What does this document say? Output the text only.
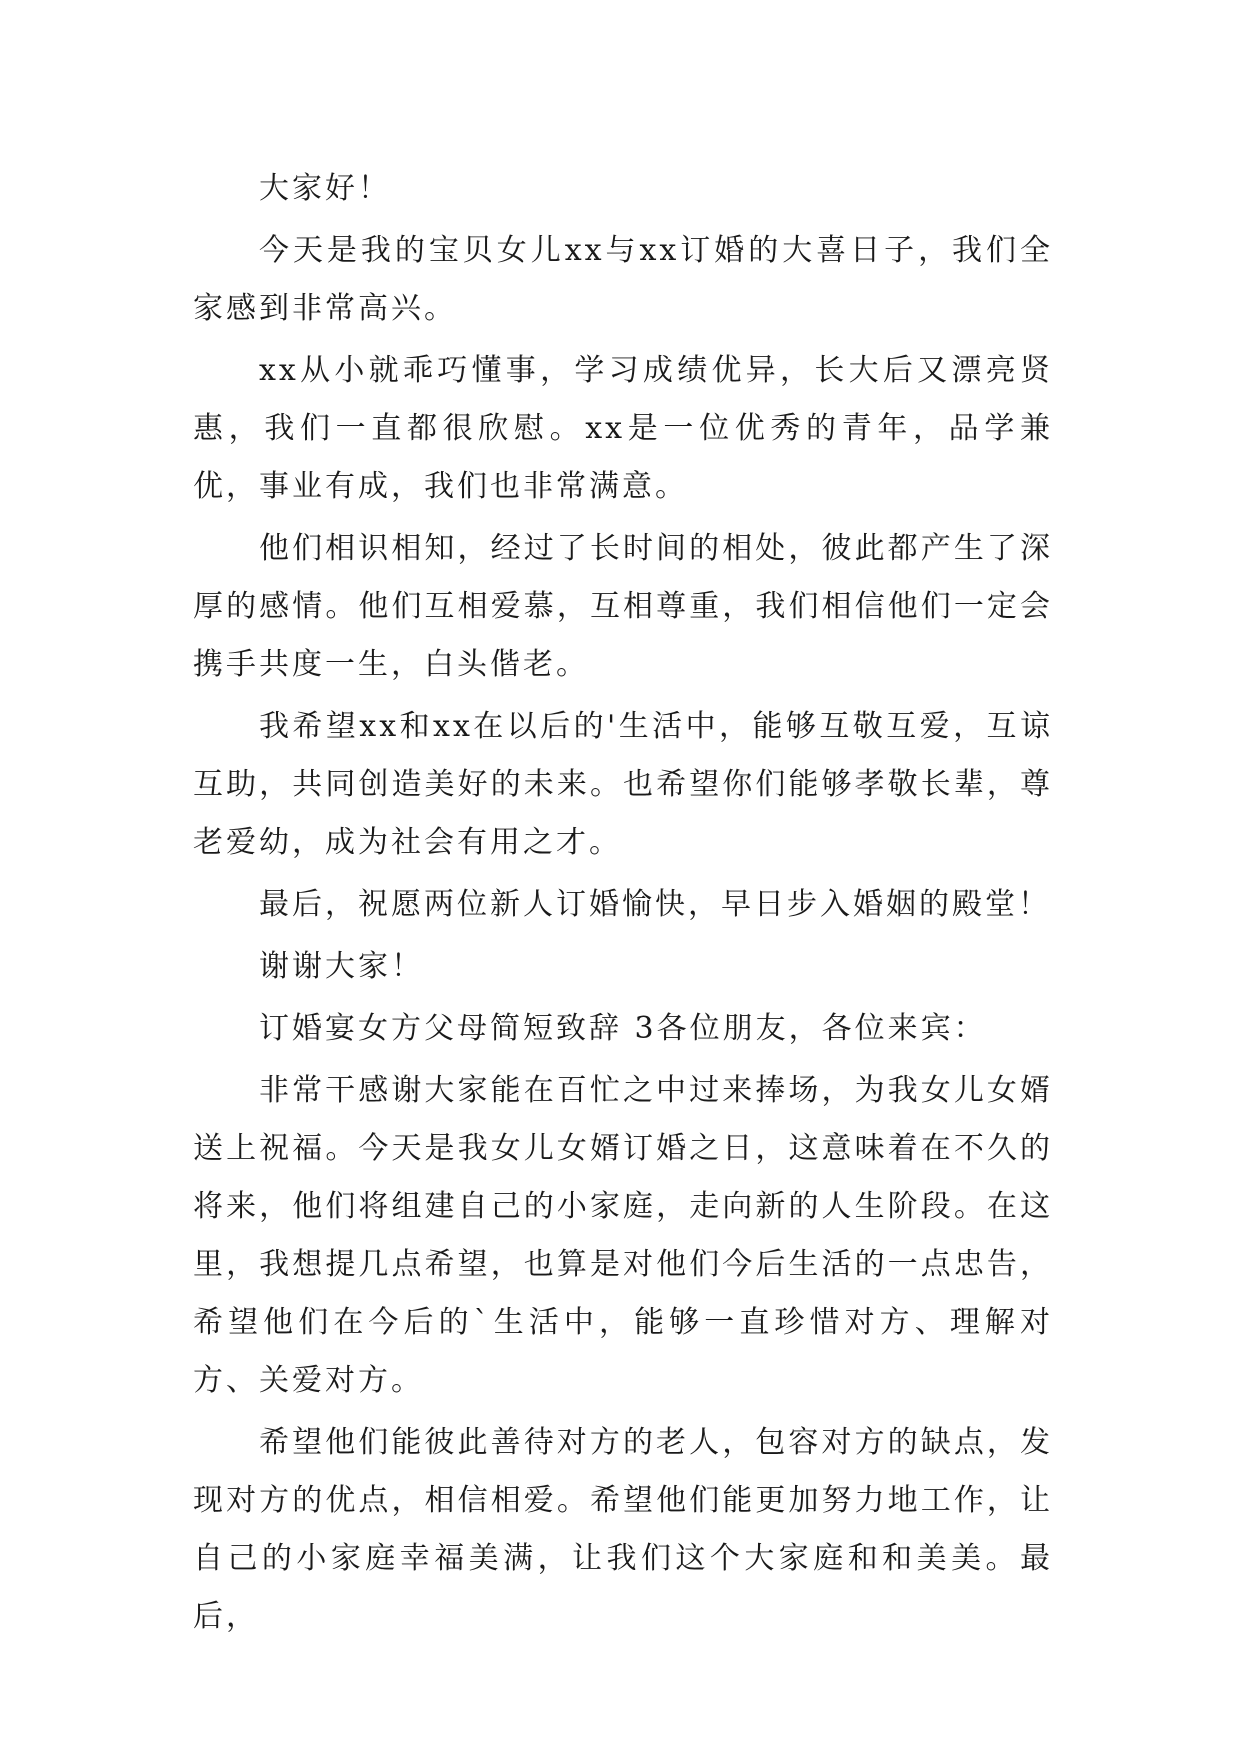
大家好！

今天是我的宝贝女儿xx与xx订婚的大喜日子，我们全家感到非常高兴。

xx从小就乖巧懂事，学习成绩优异，长大后又漂亮贤惠，我们一直都很欣慰。xx是一位优秀的青年，品学兼优，事业有成，我们也非常满意。

他们相识相知，经过了长时间的相处，彼此都产生了深厚的感情。他们互相爱慕，互相尊重，我们相信他们一定会携手共度一生，白头偕老。

我希望xx和xx在以后的'生活中，能够互敬互爱，互谅互助，共同创造美好的未来。也希望你们能够孝敬长辈，尊老爱幼，成为社会有用之才。

最后，祝愿两位新人订婚愉快，早日步入婚姻的殿堂！

谢谢大家！

订婚宴女方父母简短致辞 3各位朋友，各位来宾：

非常干感谢大家能在百忙之中过来捧场，为我女儿女婿送上祝福。今天是我女儿女婿订婚之日，这意味着在不久的将来，他们将组建自己的小家庭，走向新的人生阶段。在这里，我想提几点希望，也算是对他们今后生活的一点忠告，希望他们在今后的`生活中，能够一直珍惜对方、理解对方、关爱对方。

希望他们能彼此善待对方的老人，包容对方的缺点，发现对方的优点，相信相爱。希望他们能更加努力地工作，让自己的小家庭幸福美满，让我们这个大家庭和和美美。最后，
